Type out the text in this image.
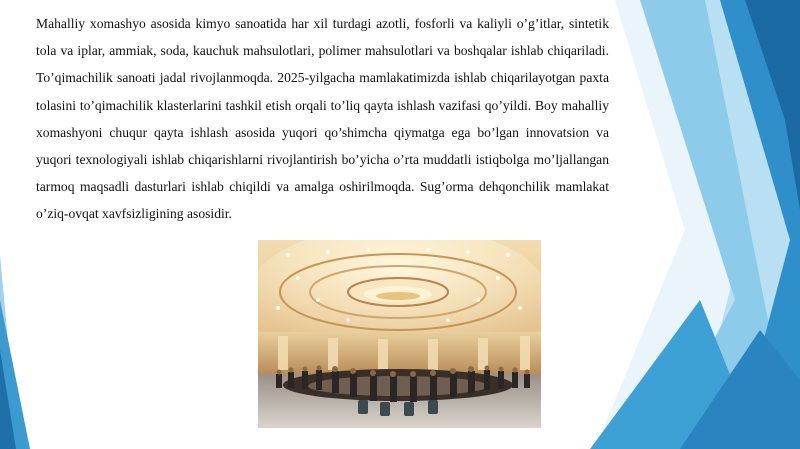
Mahalliy xomashyo asosida kimyo sanoatida har xil turdagi azotli, fosforli va kaliyli o’g’itlar, sintetik tola va iplar, ammiak, soda, kauchuk mahsulotlari, polimer mahsulotlari va boshqalar ishlab chiqariladi. To’qimachilik sanoati jadal rivojlanmoqda. 2025-yilgacha mamlakatimizda ishlab chiqarilayotgan paxta tolasini to’qimachilik klasterlarini tashkil etish orqali to’liq qayta ishlash vazifasi qo’yildi. Boy mahalliy xomashyoni chuqur qayta ishlash asosida yuqori qo’shimcha qiymatga ega bo’lgan innovatsion va yuqori texnologiyali ishlab chiqarishlarni rivojlantirish bo’yicha o’rta muddatli istiqbolga mo’ljallangan tarmoq maqsadli dasturlari ishlab chiqildi va amalga oshirilmoqda. Sug’orma dehqonchilik mamlakat o’ziq-ovqat xavfsizligining asosidir.
